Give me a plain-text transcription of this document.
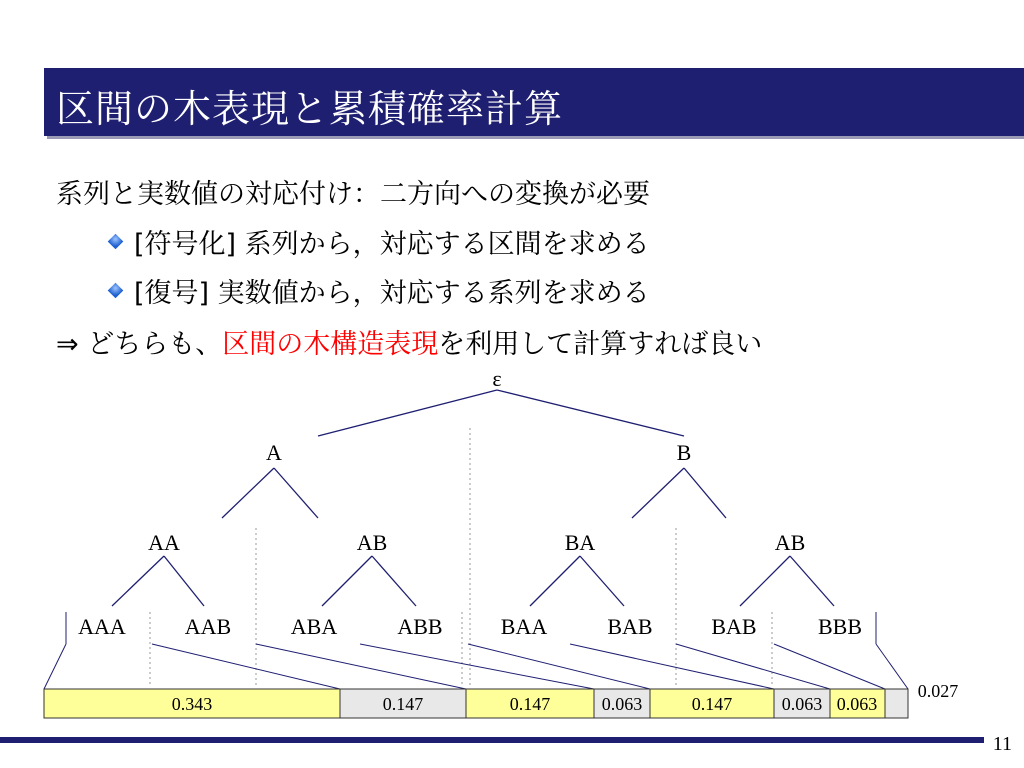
区間の木表現と累積確率計算
系列と実数値の対応付け：二方向への変換が必要
[符号化] 系列から，対応する区間を求める
[復号] 実数値から，対応する系列を求める
⇒ どちらも、区間の木構造表現を利用して計算すれば良い
ε
A	B
AA	AB	BA	AB
AAA	AAB	ABA	ABB	BAA	BAB	BAB	BBB
0.343	0.147	0.147	0.063	0.147	0.063 0.063
0.027
11
